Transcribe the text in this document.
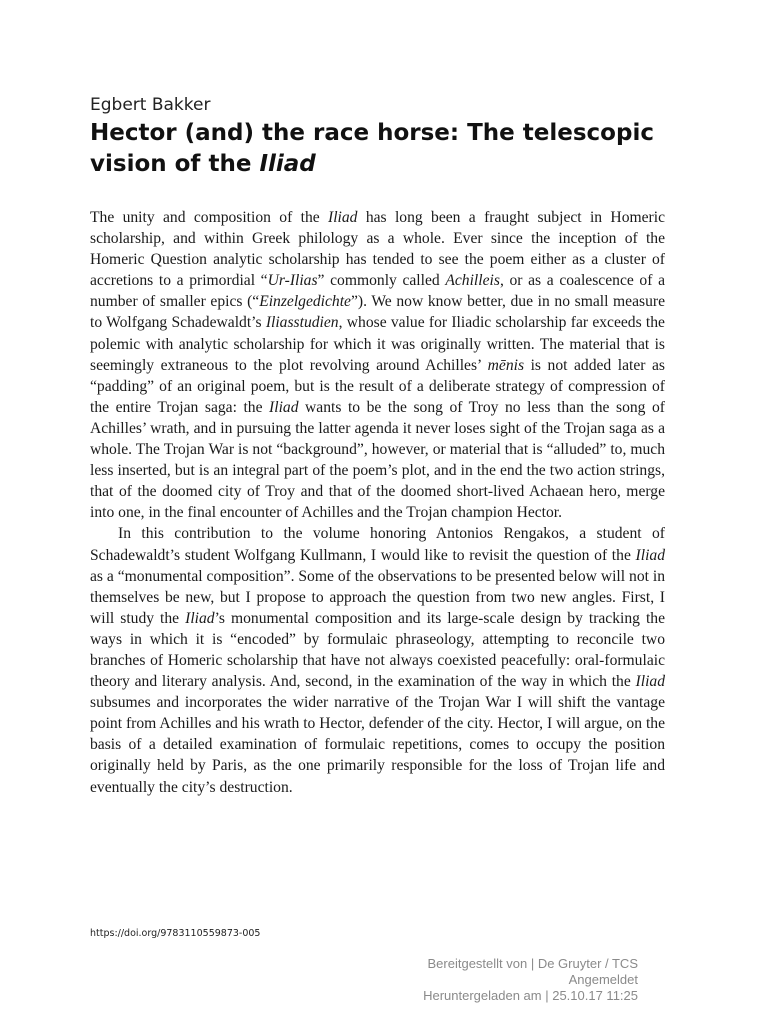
Egbert Bakker
Hector (and) the race horse: The telescopic vision of the Iliad

The unity and composition of the Iliad has long been a fraught subject in Homeric scholarship, and within Greek philology as a whole. Ever since the inception of the Homeric Question analytic scholarship has tended to see the poem either as a cluster of accretions to a primordial “Ur-Ilias” commonly called Achilleis, or as a coalescence of a number of smaller epics (“Einzelgedichte”). We now know better, due in no small measure to Wolfgang Schadewaldt’s Iliasstudien, whose value for Iliadic scholarship far exceeds the polemic with analytic scholarship for which it was originally written. The material that is seemingly extraneous to the plot revolving around Achilles’ mēnis is not added later as “padding” of an original poem, but is the result of a deliberate strategy of compression of the entire Trojan saga: the Iliad wants to be the song of Troy no less than the song of Achilles’ wrath, and in pursuing the latter agenda it never loses sight of the Trojan saga as a whole. The Trojan War is not “background”, however, or material that is “alluded” to, much less inserted, but is an integral part of the poem’s plot, and in the end the two action strings, that of the doomed city of Troy and that of the doomed short-lived Achaean hero, merge into one, in the final encounter of Achilles and the Trojan champion Hector.

In this contribution to the volume honoring Antonios Rengakos, a student of Schadewaldt’s student Wolfgang Kullmann, I would like to revisit the question of the Iliad as a “monumental composition”. Some of the observations to be presented below will not in themselves be new, but I propose to approach the question from two new angles. First, I will study the Iliad’s monumental composition and its large-scale design by tracking the ways in which it is “encoded” by formulaic phraseology, attempting to reconcile two branches of Homeric scholarship that have not always coexisted peacefully: oral-formulaic theory and literary analysis. And, second, in the examination of the way in which the Iliad subsumes and incorporates the wider narrative of the Trojan War I will shift the vantage point from Achilles and his wrath to Hector, defender of the city. Hector, I will argue, on the basis of a detailed examination of formulaic repetitions, comes to occupy the position originally held by Paris, as the one primarily responsible for the loss of Trojan life and eventually the city’s destruction.

https://doi.org/9783110559873-005
Bereitgestellt von | De Gruyter / TCS
Angemeldet
Heruntergeladen am | 25.10.17 11:25
